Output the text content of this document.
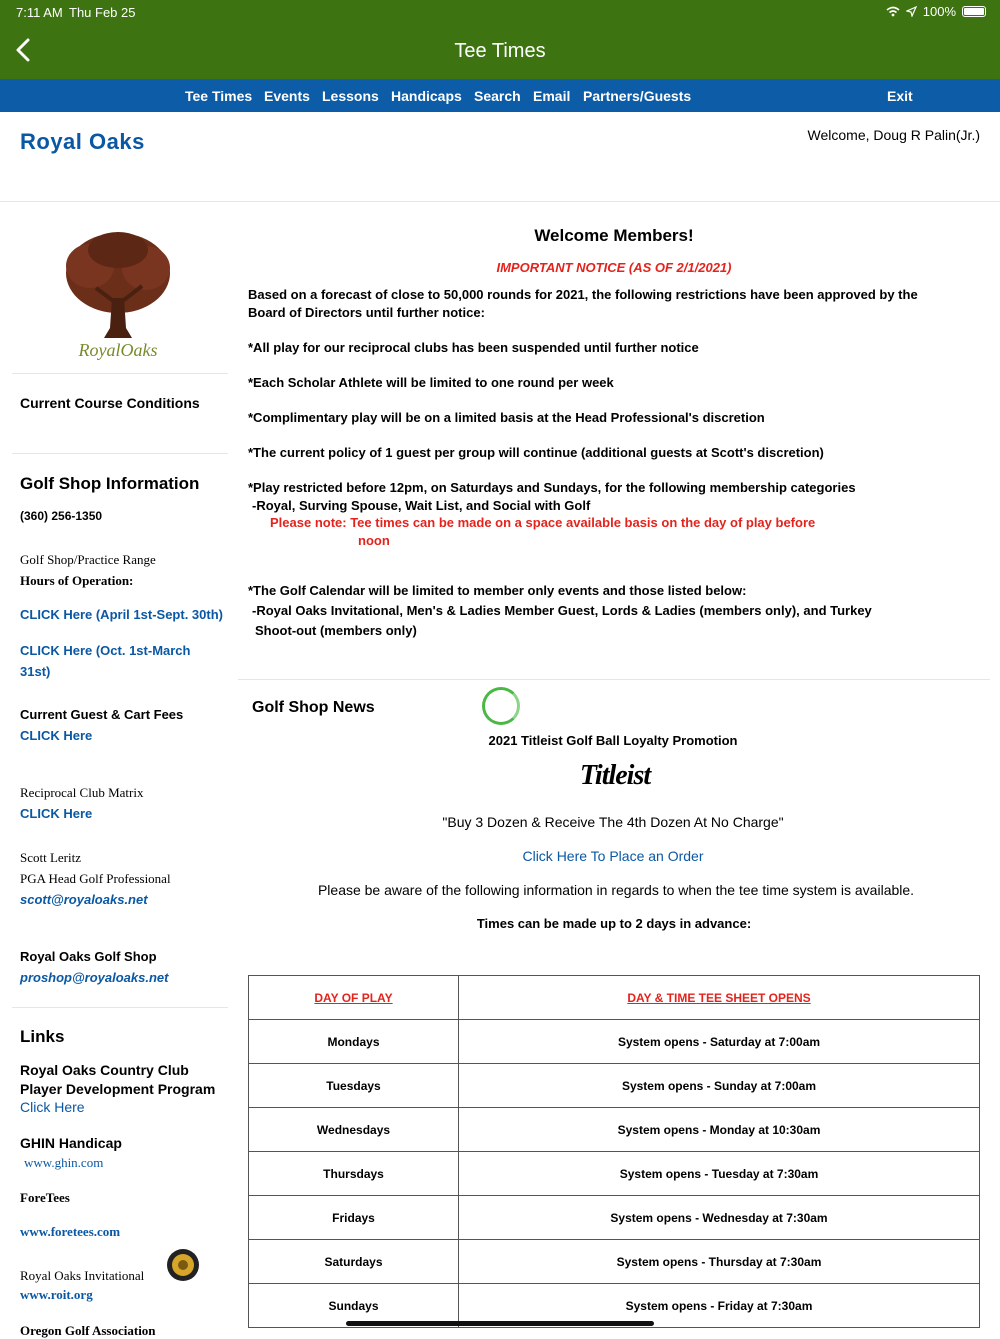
7:11 AM Thu Feb 25	100%
Tee Times
Tee Times Events Lessons Handicaps Search Email Partners/Guests	Exit
Royal Oaks	Welcome, Doug R Palin(Jr.)
RoyalOaks
Current Course Conditions
Golf Shop Information
(360) 256-1350
Golf Shop/Practice Range
Hours of Operation:
CLICK Here (April 1st-Sept. 30th)
CLICK Here (Oct. 1st-March
31st)
Current Guest & Cart Fees
CLICK Here
Reciprocal Club Matrix
CLICK Here
Scott Leritz
PGA Head Golf Professional
scott@royaloaks.net
Royal Oaks Golf Shop
proshop@royaloaks.net
Links
Royal Oaks Country Club
Player Development Program
Click Here
GHIN Handicap
www.ghin.com
ForeTees
www.foretees.com
Royal Oaks Invitational
www.roit.org
Oregon Golf Association
Welcome Members!
IMPORTANT NOTICE (AS OF 2/1/2021)
Based on a forecast of close to 50,000 rounds for 2021, the following restrictions have been approved by the
Board of Directors until further notice:
*All play for our reciprocal clubs has been suspended until further notice
*Each Scholar Athlete will be limited to one round per week
*Complimentary play will be on a limited basis at the Head Professional's discretion
*The current policy of 1 guest per group will continue (additional guests at Scott's discretion)
*Play restricted before 12pm, on Saturdays and Sundays, for the following membership categories
-Royal, Surving Spouse, Wait List, and Social with Golf
Please note: Tee times can be made on a space available basis on the day of play before
noon
*The Golf Calendar will be limited to member only events and those listed below:
-Royal Oaks Invitational, Men's & Ladies Member Guest, Lords & Ladies (members only), and Turkey
Shoot-out (members only)
Golf Shop News
2021 Titleist Golf Ball Loyalty Promotion
Titleist
"Buy 3 Dozen & Receive The 4th Dozen At No Charge"
Click Here To Place an Order
Please be aware of the following information in regards to when the tee time system is available.
Times can be made up to 2 days in advance:
DAY OF PLAY	DAY & TIME TEE SHEET OPENS
Mondays	System opens - Saturday at 7:00am
Tuesdays	System opens - Sunday at 7:00am
Wednesdays	System opens - Monday at 10:30am
Thursdays	System opens - Tuesday at 7:30am
Fridays	System opens - Wednesday at 7:30am
Saturdays	System opens - Thursday at 7:30am
Sundays	System opens - Friday at 7:30am
